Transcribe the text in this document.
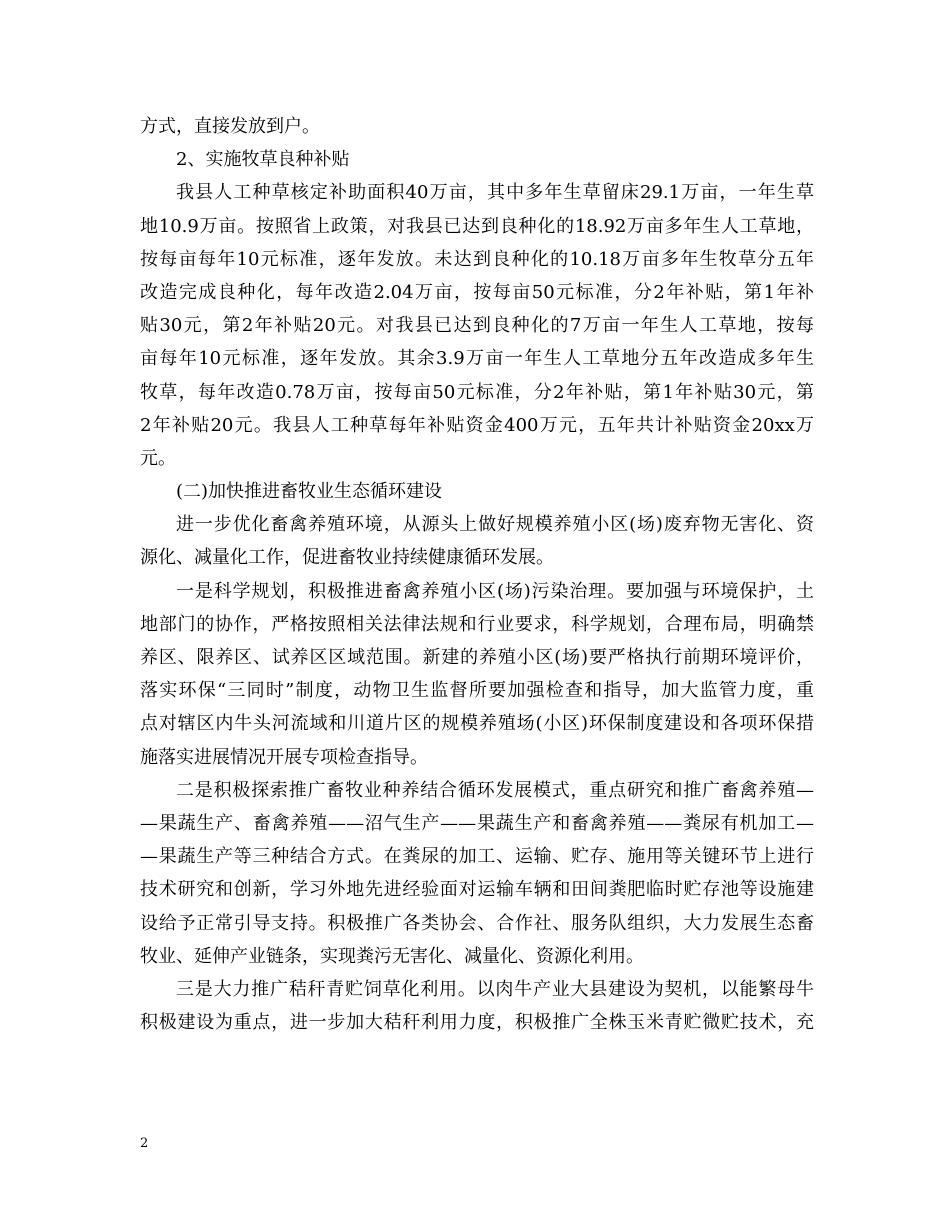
方式，直接发放到户。
2、实施牧草良种补贴
我县人工种草核定补助面积40万亩，其中多年生草留床29.1万亩，一年生草
地10.9万亩。按照省上政策，对我县已达到良种化的18.92万亩多年生人工草地，
按每亩每年10元标准，逐年发放。未达到良种化的10.18万亩多年生牧草分五年
改造完成良种化，每年改造2.04万亩，按每亩50元标准，分2年补贴，第1年补
贴30元，第2年补贴20元。对我县已达到良种化的7万亩一年生人工草地，按每
亩每年10元标准，逐年发放。其余3.9万亩一年生人工草地分五年改造成多年生
牧草，每年改造0.78万亩，按每亩50元标准，分2年补贴，第1年补贴30元，第
2年补贴20元。我县人工种草每年补贴资金400万元，五年共计补贴资金20xx万
元。
(二)加快推进畜牧业生态循环建设
进一步优化畜禽养殖环境，从源头上做好规模养殖小区(场)废弃物无害化、资
源化、减量化工作，促进畜牧业持续健康循环发展。
一是科学规划，积极推进畜禽养殖小区(场)污染治理。要加强与环境保护，土
地部门的协作，严格按照相关法律法规和行业要求，科学规划，合理布局，明确禁
养区、限养区、试养区区域范围。新建的养殖小区(场)要严格执行前期环境评价，
落实环保“三同时”制度，动物卫生监督所要加强检查和指导，加大监管力度，重
点对辖区内牛头河流域和川道片区的规模养殖场(小区)环保制度建设和各项环保措
施落实进展情况开展专项检查指导。
二是积极探索推广畜牧业种养结合循环发展模式，重点研究和推广畜禽养殖—
—果蔬生产、畜禽养殖——沼气生产——果蔬生产和畜禽养殖——粪尿有机加工—
—果蔬生产等三种结合方式。在粪尿的加工、运输、贮存、施用等关键环节上进行
技术研究和创新，学习外地先进经验面对运输车辆和田间粪肥临时贮存池等设施建
设给予正常引导支持。积极推广各类协会、合作社、服务队组织，大力发展生态畜
牧业、延伸产业链条，实现粪污无害化、减量化、资源化利用。
三是大力推广秸秆青贮饲草化利用。以肉牛产业大县建设为契机，以能繁母牛
积极建设为重点，进一步加大秸秆利用力度，积极推广全株玉米青贮微贮技术，充
2
